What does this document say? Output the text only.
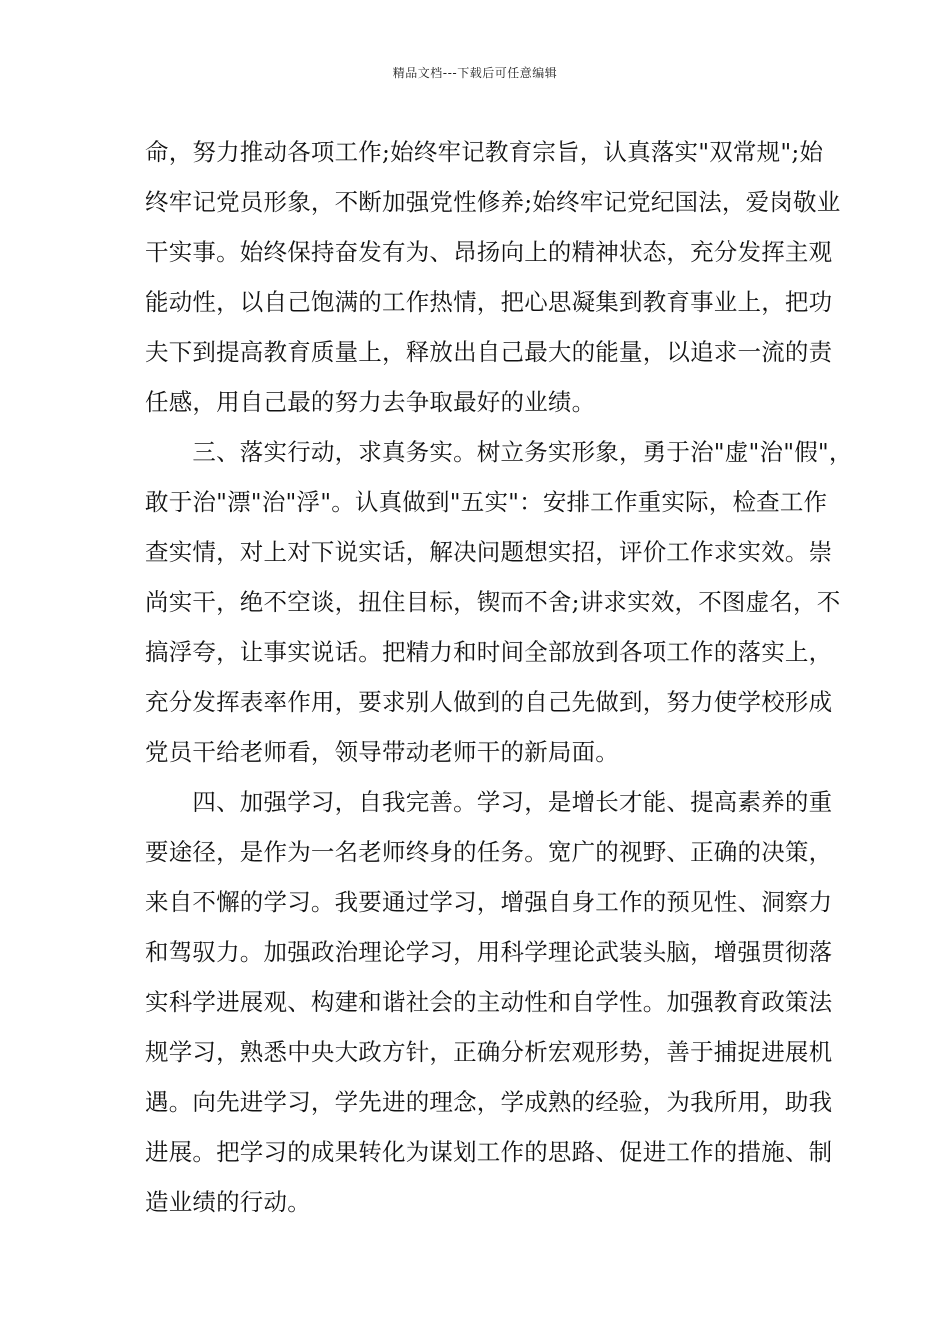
精品文档---下载后可任意编辑
命，努力推动各项工作;始终牢记教育宗旨，认真落实"双常规";始
终牢记党员形象，不断加强党性修养;始终牢记党纪国法，爱岗敬业
干实事。始终保持奋发有为、昂扬向上的精神状态，充分发挥主观
能动性，以自己饱满的工作热情，把心思凝集到教育事业上，把功
夫下到提高教育质量上，释放出自己最大的能量，以追求一流的责
任感，用自己最的努力去争取最好的业绩。
　　三、落实行动，求真务实。树立务实形象，勇于治"虚"治"假"，
敢于治"漂"治"浮"。认真做到"五实"：安排工作重实际，检查工作
查实情，对上对下说实话，解决问题想实招，评价工作求实效。崇
尚实干，绝不空谈，扭住目标，锲而不舍;讲求实效，不图虚名，不
搞浮夸，让事实说话。把精力和时间全部放到各项工作的落实上，
充分发挥表率作用，要求别人做到的自己先做到，努力使学校形成
党员干给老师看，领导带动老师干的新局面。
　　四、加强学习，自我完善。学习，是增长才能、提高素养的重
要途径，是作为一名老师终身的任务。宽广的视野、正确的决策，
来自不懈的学习。我要通过学习，增强自身工作的预见性、洞察力
和驾驭力。加强政治理论学习，用科学理论武装头脑，增强贯彻落
实科学进展观、构建和谐社会的主动性和自学性。加强教育政策法
规学习，熟悉中央大政方针，正确分析宏观形势，善于捕捉进展机
遇。向先进学习，学先进的理念，学成熟的经验，为我所用，助我
进展。把学习的成果转化为谋划工作的思路、促进工作的措施、制
造业绩的行动。
